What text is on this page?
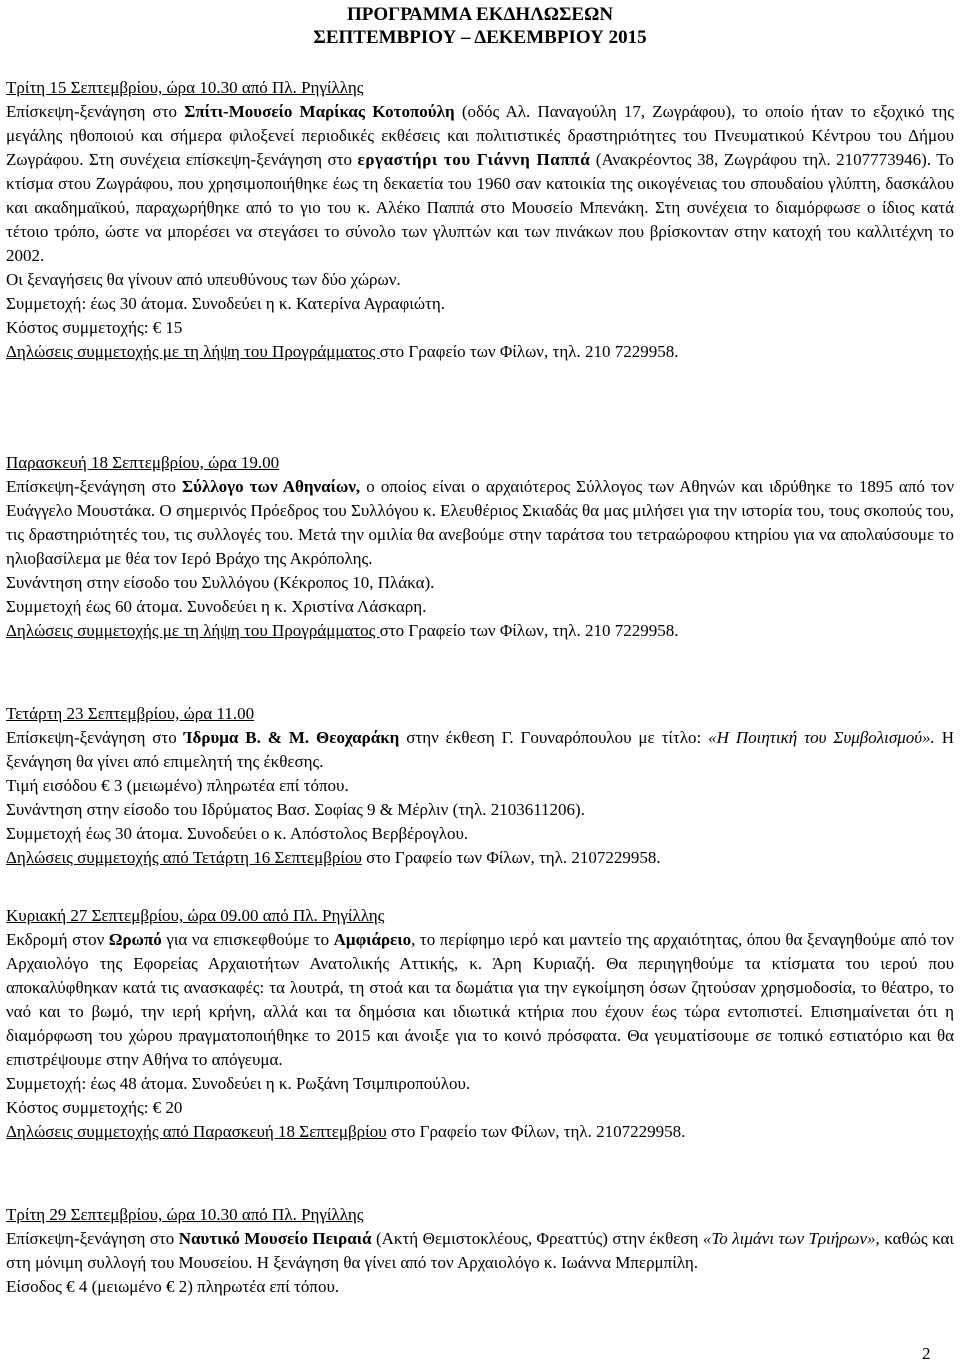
ΠΡΟΓΡΑΜΜΑ ΕΚΔΗΛΩΣΕΩΝ

ΣΕΠΤΕΜΒΡΙΟΥ – ΔΕΚΕΜΒΡΙΟΥ 2015

Τρίτη 15 Σεπτεμβρίου, ώρα 10.30 από Πλ. Ρηγίλλης

Επίσκεψη-ξενάγηση στο Σπίτι-Μουσείο Μαρίκας Κοτοπούλη (οδός Αλ. Παναγούλη 17, Ζωγράφου), το οποίο ήταν το εξοχικό της μεγάλης ηθοποιού και σήμερα φιλοξενεί περιοδικές εκθέσεις και πολιτιστικές δραστηριότητες του Πνευματικού Κέντρου του Δήμου Ζωγράφου. Στη συνέχεια επίσκεψη-ξενάγηση στο εργαστήρι του Γιάννη Παππά (Ανακρέοντος 38, Ζωγράφου τηλ. 2107773946). Το κτίσμα στου Ζωγράφου, που χρησιμοποιήθηκε έως τη δεκαετία του 1960 σαν κατοικία της οικογένειας του σπουδαίου γλύπτη, δασκάλου και ακαδημαϊκού, παραχωρήθηκε από το γιο του κ. Αλέκο Παππά στο Μουσείο Μπενάκη. Στη συνέχεια το διαμόρφωσε ο ίδιος κατά τέτοιο τρόπο, ώστε να μπορέσει να στεγάσει το σύνολο των γλυπτών και των πινάκων που βρίσκονταν στην κατοχή του καλλιτέχνη το 2002.

Οι ξεναγήσεις θα γίνουν από υπευθύνους των δύο χώρων.

Συμμετοχή: έως 30 άτομα. Συνοδεύει η κ. Κατερίνα Αγραφιώτη.

Κόστος συμμετοχής: € 15

Δηλώσεις συμμετοχής με τη λήψη του Προγράμματος στο Γραφείο των Φίλων, τηλ. 210 7229958.

Παρασκευή 18 Σεπτεμβρίου, ώρα 19.00

Επίσκεψη-ξενάγηση στο Σύλλογο των Αθηναίων, ο οποίος είναι ο αρχαιότερος Σύλλογος των Αθηνών και ιδρύθηκε το 1895 από τον Ευάγγελο Μουστάκα. Ο σημερινός Πρόεδρος του Συλλόγου κ. Ελευθέριος Σκιαδάς θα μας μιλήσει για την ιστορία του, τους σκοπούς του, τις δραστηριότητές του, τις συλλογές του. Μετά την ομιλία θα ανεβούμε στην ταράτσα του τετραώροφου κτηρίου για να απολαύσουμε το ηλιοβασίλεμα με θέα τον Ιερό Βράχο της Ακρόπολης.

Συνάντηση στην είσοδο του Συλλόγου (Κέκροπος 10, Πλάκα).

Συμμετοχή έως 60 άτομα. Συνοδεύει η κ. Χριστίνα Λάσκαρη.

Δηλώσεις συμμετοχής με τη λήψη του Προγράμματος στο Γραφείο των Φίλων, τηλ. 210 7229958.

Τετάρτη 23 Σεπτεμβρίου, ώρα 11.00

Επίσκεψη-ξενάγηση στο Ίδρυμα Β. & Μ. Θεοχαράκη στην έκθεση Γ. Γουναρόπουλου με τίτλο: «Η Ποιητική του Συμβολισμού». Η ξενάγηση θα γίνει από επιμελητή της έκθεσης.

Τιμή εισόδου € 3 (μειωμένο) πληρωτέα επί τόπου.

Συνάντηση στην είσοδο του Ιδρύματος Βασ. Σοφίας 9 & Μέρλιν (τηλ. 2103611206).

Συμμετοχή έως 30 άτομα. Συνοδεύει ο κ. Απόστολος Βερβέρογλου.

Δηλώσεις συμμετοχής από Τετάρτη 16 Σεπτεμβρίου στο Γραφείο των Φίλων, τηλ. 2107229958.

Κυριακή 27 Σεπτεμβρίου, ώρα 09.00 από Πλ. Ρηγίλλης

Εκδρομή στον Ωρωπό για να επισκεφθούμε το Αμφιάρειο, το περίφημο ιερό και μαντείο της αρχαιότητας, όπου θα ξεναγηθούμε από τον Αρχαιολόγο της Εφορείας Αρχαιοτήτων Ανατολικής Αττικής, κ. Άρη Κυριαζή. Θα περιηγηθούμε τα κτίσματα του ιερού που αποκαλύφθηκαν κατά τις ανασκαφές: τα λουτρά, τη στοά και τα δωμάτια για την εγκοίμηση όσων ζητούσαν χρησμοδοσία, το θέατρο, το ναό και το βωμό, την ιερή κρήνη, αλλά και τα δημόσια και ιδιωτικά κτήρια που έχουν έως τώρα εντοπιστεί. Επισημαίνεται ότι η διαμόρφωση του χώρου πραγματοποιήθηκε το 2015 και άνοιξε για το κοινό πρόσφατα. Θα γευματίσουμε σε τοπικό εστιατόριο και θα επιστρέψουμε στην Αθήνα το απόγευμα.

Συμμετοχή: έως 48 άτομα. Συνοδεύει η κ. Ρωξάνη Τσιμπιροπούλου.

Κόστος συμμετοχής: € 20

Δηλώσεις συμμετοχής από Παρασκευή 18 Σεπτεμβρίου στο Γραφείο των Φίλων, τηλ. 2107229958.

Τρίτη 29 Σεπτεμβρίου, ώρα 10.30 από Πλ. Ρηγίλλης

Επίσκεψη-ξενάγηση στο Ναυτικό Μουσείο Πειραιά (Ακτή Θεμιστοκλέους, Φρεαττύς) στην έκθεση «Το λιμάνι των Τριήρων», καθώς και στη μόνιμη συλλογή του Μουσείου. Η ξενάγηση θα γίνει από τον Αρχαιολόγο κ. Ιωάννα Μπερμπίλη.

Είσοδος € 4 (μειωμένο € 2) πληρωτέα επί τόπου.

2
